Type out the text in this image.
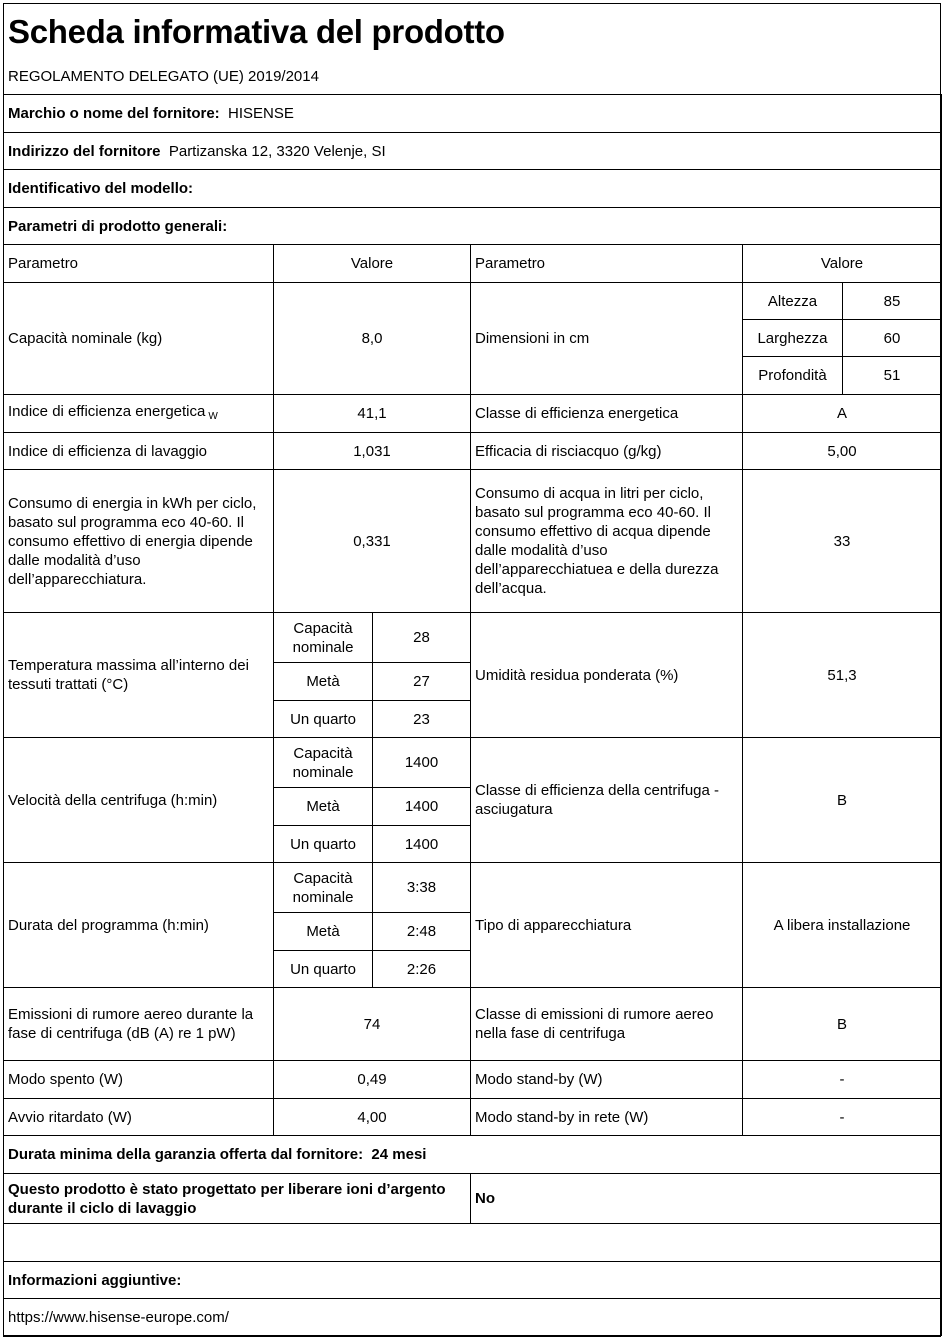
Scheda informativa del prodotto
REGOLAMENTO DELEGATO (UE) 2019/2014
Marchio o nome del fornitore: HISENSE					
Indirizzo del fornitore Partizanska 12, 3320 Velenje, SI					
Identificativo del modello:					
Parametri di prodotto generali:					
Parametro	Valore		Parametro	Valore	
Capacità nominale (kg)	8,0		Dimensioni in cm	Altezza	85
				Larghezza	60
				Profondità	51
Indice di efficienza energetica $_W$	41,1		Classe di efficienza energetica	A	
Indice di efficienza di lavaggio	1,031		Efficacia di risciacquo (g/kg)	5,00	
Consumo di energia in kWh per ciclo, basato sul programma eco 40-60. Il consumo effettivo di energia dipende dalle modalità d’uso dell’apparecchiatura.	0,331		Consumo di acqua in litri per ciclo, basato sul programma eco 40-60. Il consumo effettivo di acqua dipende dalle modalità d’uso dell’apparecchiatuea e della durezza dell’acqua.	33	
Temperatura massima all’interno dei tessuti trattati (°C)	Capacità nominale	28	Umidità residua ponderata (%)	51,3	
	Metà	27			
	Un quarto	23			
Velocità della centrifuga (h:min)	Capacità nominale	1400	Classe di efficienza della centrifuga -asciugatura	B	
	Metà	1400			
	Un quarto	1400			
Durata del programma (h:min)	Capacità nominale	3:38	Tipo di apparecchiatura	A libera installazione	
	Metà	2:48			
	Un quarto	2:26			
Emissioni di rumore aereo durante la fase di centrifuga (dB (A) re 1 pW)	74		Classe di emissioni di rumore aereo nella fase di centrifuga	B	
Modo spento (W)	0,49		Modo stand-by (W)	-	
Avvio ritardato (W)	4,00		Modo stand-by in rete (W)	-	
Durata minima della garanzia offerta dal fornitore: 24 mesi					
Questo prodotto è stato progettato per liberare ioni d’argento durante il ciclo di lavaggio			No		

Informazioni aggiuntive:					
https://www.hisense-europe.com/					
